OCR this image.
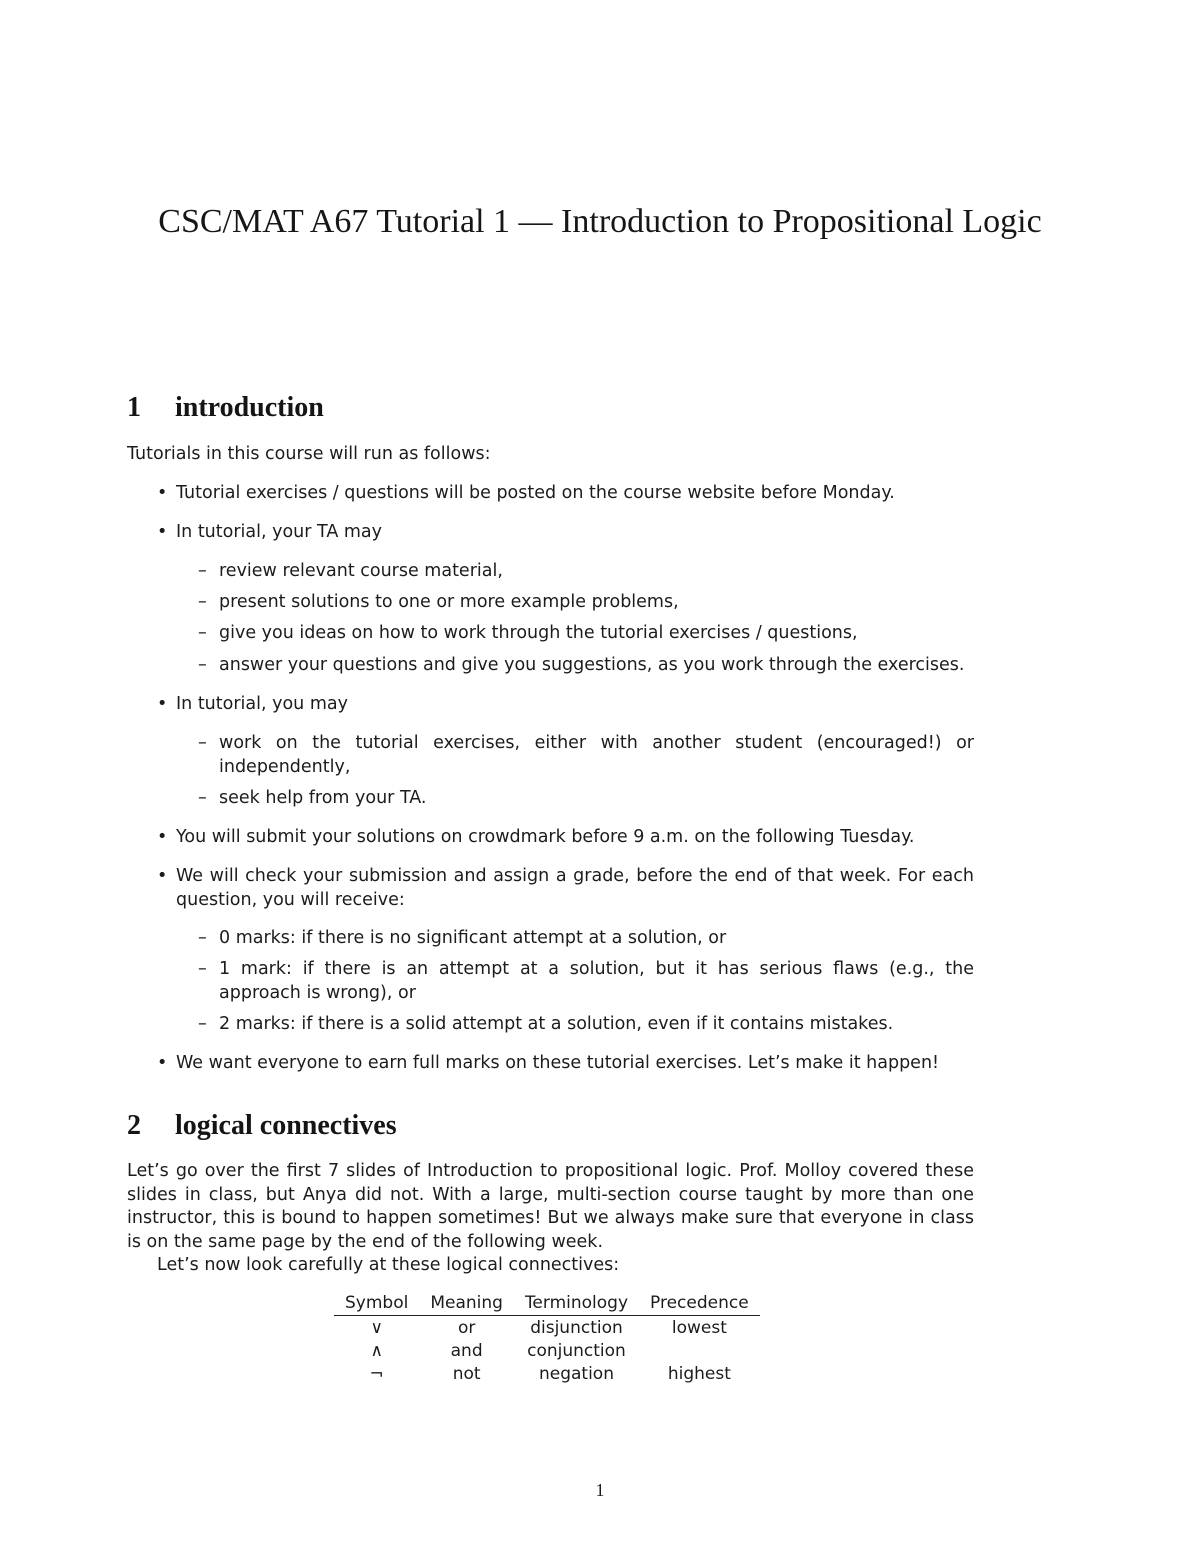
CSC/MAT A67 Tutorial 1 — Introduction to Propositional Logic
1 introduction
Tutorials in this course will run as follows:
• Tutorial exercises / questions will be posted on the course website before Monday.
• In tutorial, your TA may
– review relevant course material,
– present solutions to one or more example problems,
– give you ideas on how to work through the tutorial exercises / questions,
– answer your questions and give you suggestions, as you work through the exercises.
• In tutorial, you may
– work on the tutorial exercises, either with another student (encouraged!) or independently,
– seek help from your TA.
• You will submit your solutions on crowdmark before 9 a.m. on the following Tuesday.
• We will check your submission and assign a grade, before the end of that week. For each question, you will receive:
– 0 marks: if there is no significant attempt at a solution, or
– 1 mark: if there is an attempt at a solution, but it has serious flaws (e.g., the approach is wrong), or
– 2 marks: if there is a solid attempt at a solution, even if it contains mistakes.
• We want everyone to earn full marks on these tutorial exercises. Let’s make it happen!
2 logical connectives
Let’s go over the first 7 slides of Introduction to propositional logic. Prof. Molloy covered these slides in class, but Anya did not. With a large, multi-section course taught by more than one instructor, this is bound to happen sometimes! But we always make sure that everyone in class is on the same page by the end of the following week.
Let’s now look carefully at these logical connectives:
Symbol	Meaning	Terminology	Precedence
∨	or	disjunction	lowest
∧	and	conjunction	
¬	not	negation	highest
1
